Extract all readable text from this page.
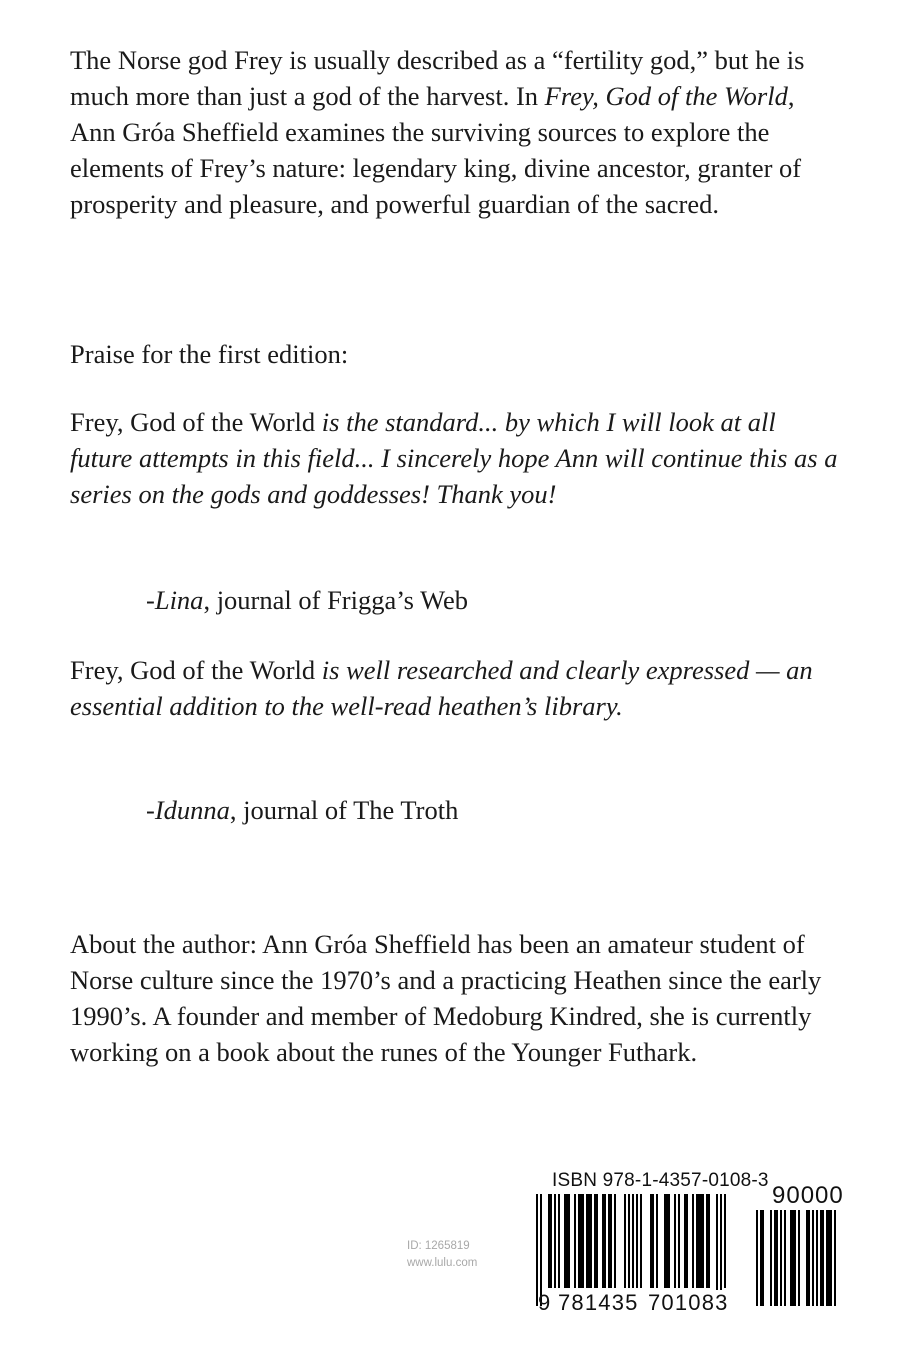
The Norse god Frey is usually described as a “fertility god,” but he is much more than just a god of the harvest. In Frey, God of the World, Ann Gróa Sheffield examines the surviving sources to explore the elements of Frey’s nature: legendary king, divine ancestor, granter of prosperity and pleasure, and powerful guardian of the sacred.

Praise for the first edition:

Frey, God of the World is the standard... by which I will look at all future attempts in this field... I sincerely hope Ann will continue this as a series on the gods and goddesses! Thank you!

-Lina, journal of Frigga’s Web

Frey, God of the World is well researched and clearly expressed — an essential addition to the well-read heathen’s library.

-Idunna, journal of The Troth

About the author: Ann Gróa Sheffield has been an amateur student of Norse culture since the 1970’s and a practicing Heathen since the early 1990’s. A founder and member of Medoburg Kindred, she is currently working on a book about the runes of the Younger Futhark.

ID: 1265819
www.lulu.com
ISBN 978-1-4357-0108-3
90000
9 781435 701083
